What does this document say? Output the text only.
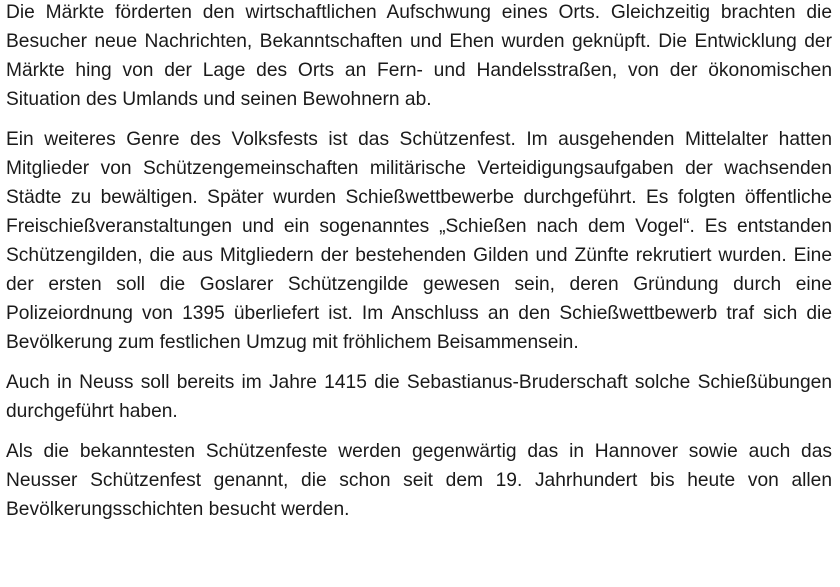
Die Märkte förderten den wirtschaftlichen Aufschwung eines Orts. Gleichzeitig brachten die Besucher neue Nachrichten, Bekanntschaften und Ehen wurden geknüpft. Die Entwicklung der Märkte hing von der Lage des Orts an Fern- und Handelsstraßen, von der ökonomischen Situation des Umlands und seinen Bewohnern ab.

Ein weiteres Genre des Volksfests ist das Schützenfest. Im ausgehenden Mittelalter hatten Mitglieder von Schützengemeinschaften militärische Verteidigungsaufgaben der wachsenden Städte zu bewältigen. Später wurden Schießwettbewerbe durchgeführt. Es folgten öffentliche Freischießveranstaltungen und ein sogenanntes „Schießen nach dem Vogel“. Es entstanden Schützengilden, die aus Mitgliedern der bestehenden Gilden und Zünfte rekrutiert wurden. Eine der ersten soll die Goslarer Schützengilde gewesen sein, deren Gründung durch eine Polizeiordnung von 1395 überliefert ist. Im Anschluss an den Schießwettbewerb traf sich die Bevölkerung zum festlichen Umzug mit fröhlichem Beisammensein.

Auch in Neuss soll bereits im Jahre 1415 die Sebastianus-Bruderschaft solche Schießübungen durchgeführt haben.

Als die bekanntesten Schützenfeste werden gegenwärtig das in Hannover sowie auch das Neusser Schützenfest genannt, die schon seit dem 19. Jahrhundert bis heute von allen Bevölkerungsschichten besucht werden.
